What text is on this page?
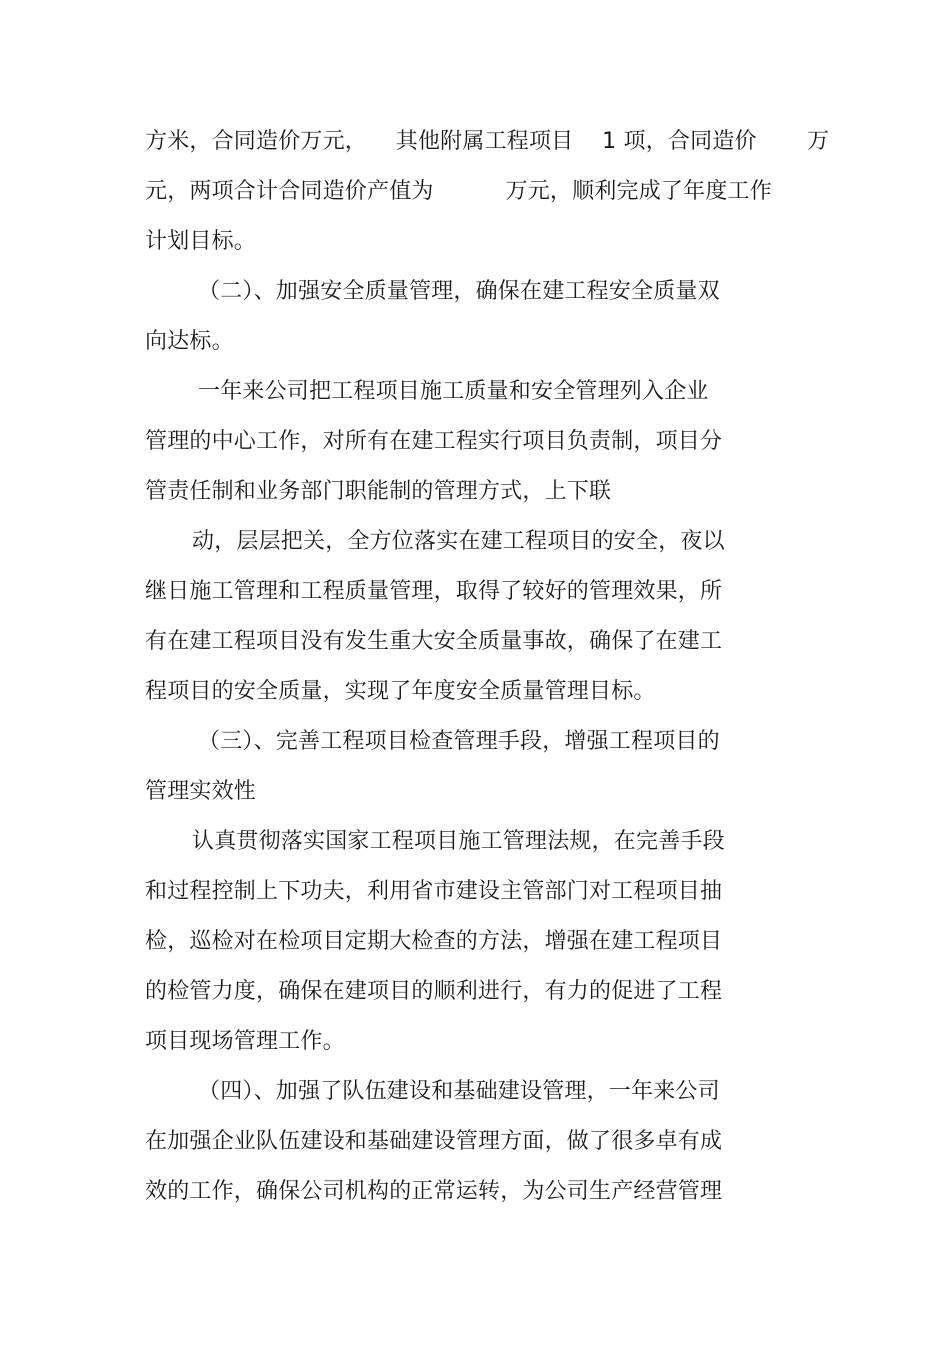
方米，合同造价万元，    其他附属工程项目    1 项，合同造价       万
元，两项合计合同造价产值为          万元，顺利完成了年度工作
计划目标。
（二）、加强安全质量管理，确保在建工程安全质量双
向达标。
一年来公司把工程项目施工质量和安全管理列入企业
管理的中心工作，对所有在建工程实行项目负责制，项目分
管责任制和业务部门职能制的管理方式，上下联
动，层层把关，全方位落实在建工程项目的安全，夜以
继日施工管理和工程质量管理，取得了较好的管理效果，所
有在建工程项目没有发生重大安全质量事故，确保了在建工
程项目的安全质量，实现了年度安全质量管理目标。
（三）、完善工程项目检查管理手段，增强工程项目的
管理实效性
认真贯彻落实国家工程项目施工管理法规，在完善手段
和过程控制上下功夫，利用省市建设主管部门对工程项目抽
检，巡检对在检项目定期大检查的方法，增强在建工程项目
的检管力度，确保在建项目的顺利进行，有力的促进了工程
项目现场管理工作。
（四）、加强了队伍建设和基础建设管理，一年来公司
在加强企业队伍建设和基础建设管理方面，做了很多卓有成
效的工作，确保公司机构的正常运转，为公司生产经营管理
